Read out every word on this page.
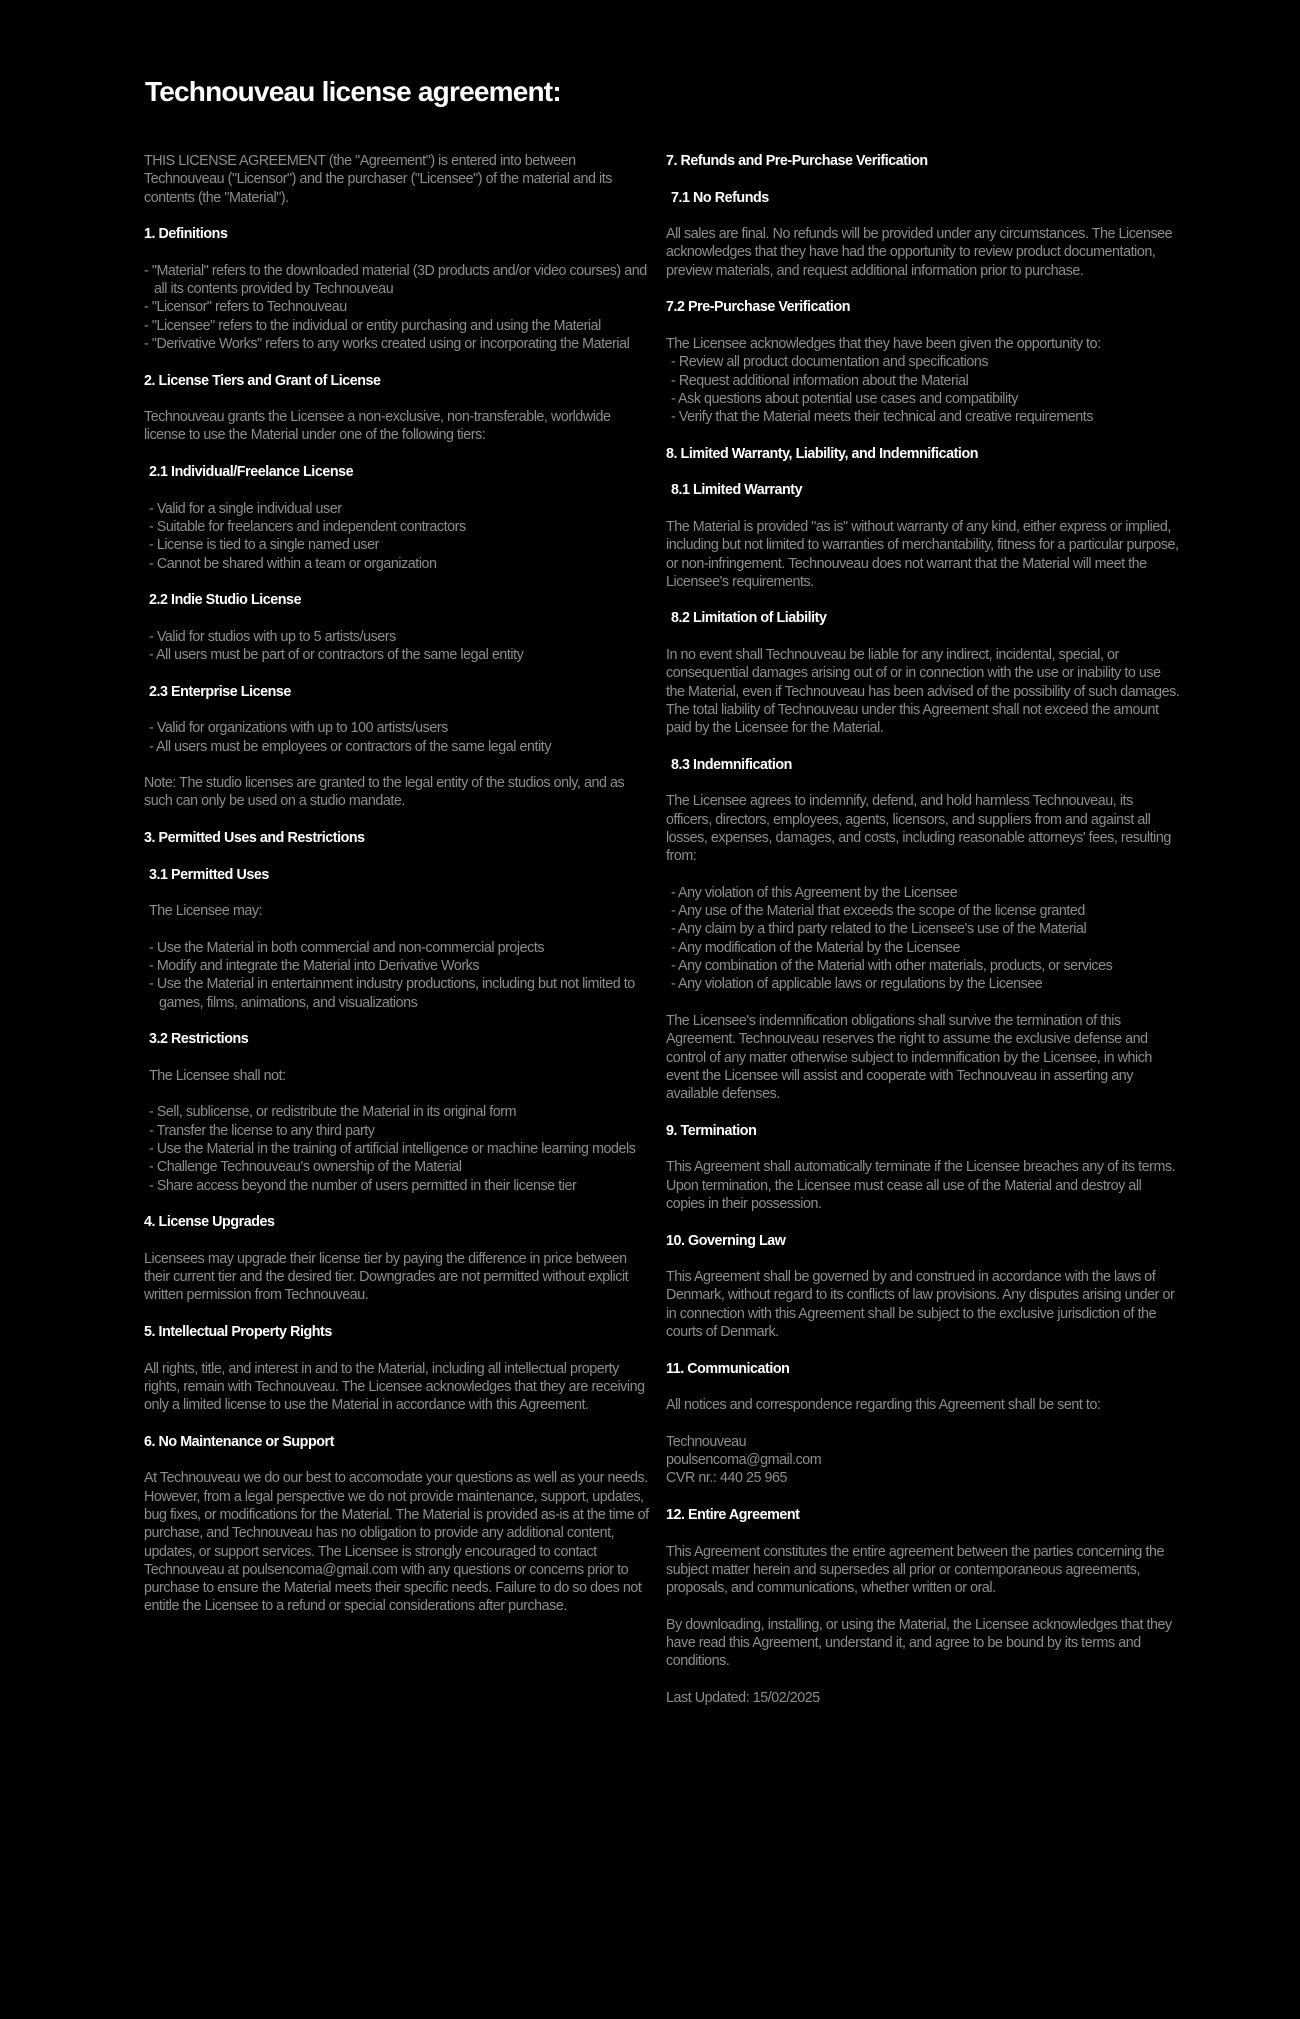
Technouveau license agreement:

THIS LICENSE AGREEMENT (the "Agreement") is entered into between Technouveau ("Licensor") and the purchaser ("Licensee") of the material and its contents (the "Material").

1. Definitions

- "Material" refers to the downloaded material (3D products and/or video courses) and all its contents provided by Technouveau
- "Licensor" refers to Technouveau
- "Licensee" refers to the individual or entity purchasing and using the Material
- "Derivative Works" refers to any works created using or incorporating the Material

2. License Tiers and Grant of License

Technouveau grants the Licensee a non-exclusive, non-transferable, worldwide license to use the Material under one of the following tiers:

2.1 Individual/Freelance License

- Valid for a single individual user
- Suitable for freelancers and independent contractors
- License is tied to a single named user
- Cannot be shared within a team or organization

2.2 Indie Studio License

- Valid for studios with up to 5 artists/users
- All users must be part of or contractors of the same legal entity

2.3 Enterprise License

- Valid for organizations with up to 100 artists/users
- All users must be employees or contractors of the same legal entity

Note: The studio licenses are granted to the legal entity of the studios only, and as such can only be used on a studio mandate.

3. Permitted Uses and Restrictions

3.1 Permitted Uses

The Licensee may:

- Use the Material in both commercial and non-commercial projects
- Modify and integrate the Material into Derivative Works
- Use the Material in entertainment industry productions, including but not limited to games, films, animations, and visualizations

3.2 Restrictions

The Licensee shall not:

- Sell, sublicense, or redistribute the Material in its original form
- Transfer the license to any third party
- Use the Material in the training of artificial intelligence or machine learning models
- Challenge Technouveau's ownership of the Material
- Share access beyond the number of users permitted in their license tier

4. License Upgrades

Licensees may upgrade their license tier by paying the difference in price between their current tier and the desired tier. Downgrades are not permitted without explicit written permission from Technouveau.

5. Intellectual Property Rights

All rights, title, and interest in and to the Material, including all intellectual property rights, remain with Technouveau. The Licensee acknowledges that they are receiving only a limited license to use the Material in accordance with this Agreement.

6. No Maintenance or Support

At Technouveau we do our best to accomodate your questions as well as your needs. However, from a legal perspective we do not provide maintenance, support, updates, bug fixes, or modifications for the Material. The Material is provided as-is at the time of purchase, and Technouveau has no obligation to provide any additional content, updates, or support services. The Licensee is strongly encouraged to contact Technouveau at poulsencoma@gmail.com with any questions or concerns prior to purchase to ensure the Material meets their specific needs. Failure to do so does not entitle the Licensee to a refund or special considerations after purchase.

7. Refunds and Pre-Purchase Verification

7.1 No Refunds

All sales are final. No refunds will be provided under any circumstances. The Licensee acknowledges that they have had the opportunity to review product documentation, preview materials, and request additional information prior to purchase.

7.2 Pre-Purchase Verification

The Licensee acknowledges that they have been given the opportunity to:
- Review all product documentation and specifications
- Request additional information about the Material
- Ask questions about potential use cases and compatibility
- Verify that the Material meets their technical and creative requirements

8. Limited Warranty, Liability, and Indemnification

8.1 Limited Warranty

The Material is provided "as is" without warranty of any kind, either express or implied, including but not limited to warranties of merchantability, fitness for a particular purpose, or non-infringement. Technouveau does not warrant that the Material will meet the Licensee's requirements.

8.2 Limitation of Liability

In no event shall Technouveau be liable for any indirect, incidental, special, or consequential damages arising out of or in connection with the use or inability to use the Material, even if Technouveau has been advised of the possibility of such damages. The total liability of Technouveau under this Agreement shall not exceed the amount paid by the Licensee for the Material.

8.3 Indemnification

The Licensee agrees to indemnify, defend, and hold harmless Technouveau, its officers, directors, employees, agents, licensors, and suppliers from and against all losses, expenses, damages, and costs, including reasonable attorneys' fees, resulting from:

- Any violation of this Agreement by the Licensee
- Any use of the Material that exceeds the scope of the license granted
- Any claim by a third party related to the Licensee's use of the Material
- Any modification of the Material by the Licensee
- Any combination of the Material with other materials, products, or services
- Any violation of applicable laws or regulations by the Licensee

The Licensee's indemnification obligations shall survive the termination of this Agreement. Technouveau reserves the right to assume the exclusive defense and control of any matter otherwise subject to indemnification by the Licensee, in which event the Licensee will assist and cooperate with Technouveau in asserting any available defenses.

9. Termination

This Agreement shall automatically terminate if the Licensee breaches any of its terms. Upon termination, the Licensee must cease all use of the Material and destroy all copies in their possession.

10. Governing Law

This Agreement shall be governed by and construed in accordance with the laws of Denmark, without regard to its conflicts of law provisions. Any disputes arising under or in connection with this Agreement shall be subject to the exclusive jurisdiction of the courts of Denmark.

11. Communication

All notices and correspondence regarding this Agreement shall be sent to:

Technouveau
poulsencoma@gmail.com
CVR nr.: 440 25 965

12. Entire Agreement

This Agreement constitutes the entire agreement between the parties concerning the subject matter herein and supersedes all prior or contemporaneous agreements, proposals, and communications, whether written or oral.

By downloading, installing, or using the Material, the Licensee acknowledges that they have read this Agreement, understand it, and agree to be bound by its terms and conditions.

Last Updated: 15/02/2025
